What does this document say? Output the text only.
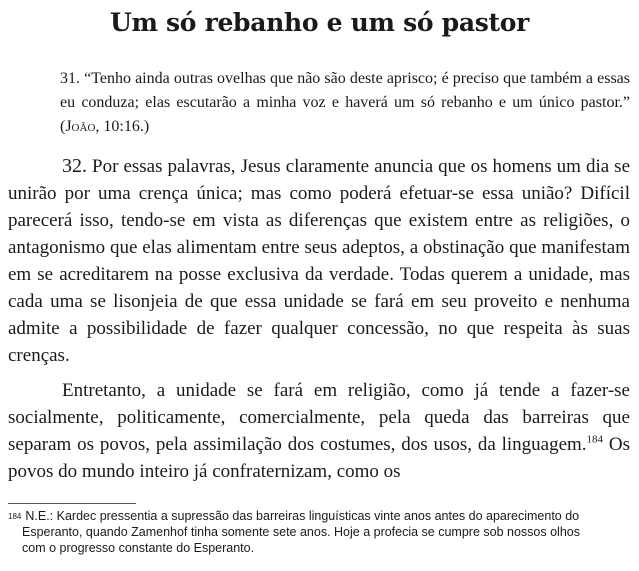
Um só rebanho e um só pastor
31. “Tenho ainda outras ovelhas que não são deste aprisco; é preciso que também a essas eu conduza; elas escutarão a minha voz e haverá um só rebanho e um único pastor.” (João, 10:16.)

32. Por essas palavras, Jesus claramente anuncia que os homens um dia se unirão por uma crença única; mas como poderá efetuar-se essa união? Difícil parecerá isso, tendo-se em vista as diferenças que existem entre as religiões, o antagonismo que elas alimentam entre seus adeptos, a obstinação que manifestam em se acreditarem na posse exclusiva da verdade. Todas querem a unidade, mas cada uma se lisonjeia de que essa unidade se fará em seu proveito e nenhuma admite a possibilidade de fazer qualquer concessão, no que respeita às suas crenças.

Entretanto, a unidade se fará em religião, como já tende a fazer-se socialmente, politicamente, comercialmente, pela queda das barreiras que separam os povos, pela assimilação dos costumes, dos usos, da linguagem.$^{184}$ Os povos do mundo inteiro já confraternizam, como os

$^{184}$ N.E.: Kardec pressentia a supressão das barreiras linguísticas vinte anos antes do aparecimento do
Esperanto, quando Zamenhof tinha somente sete anos. Hoje a profecia se cumpre sob nossos olhos
com o progresso constante do Esperanto.
